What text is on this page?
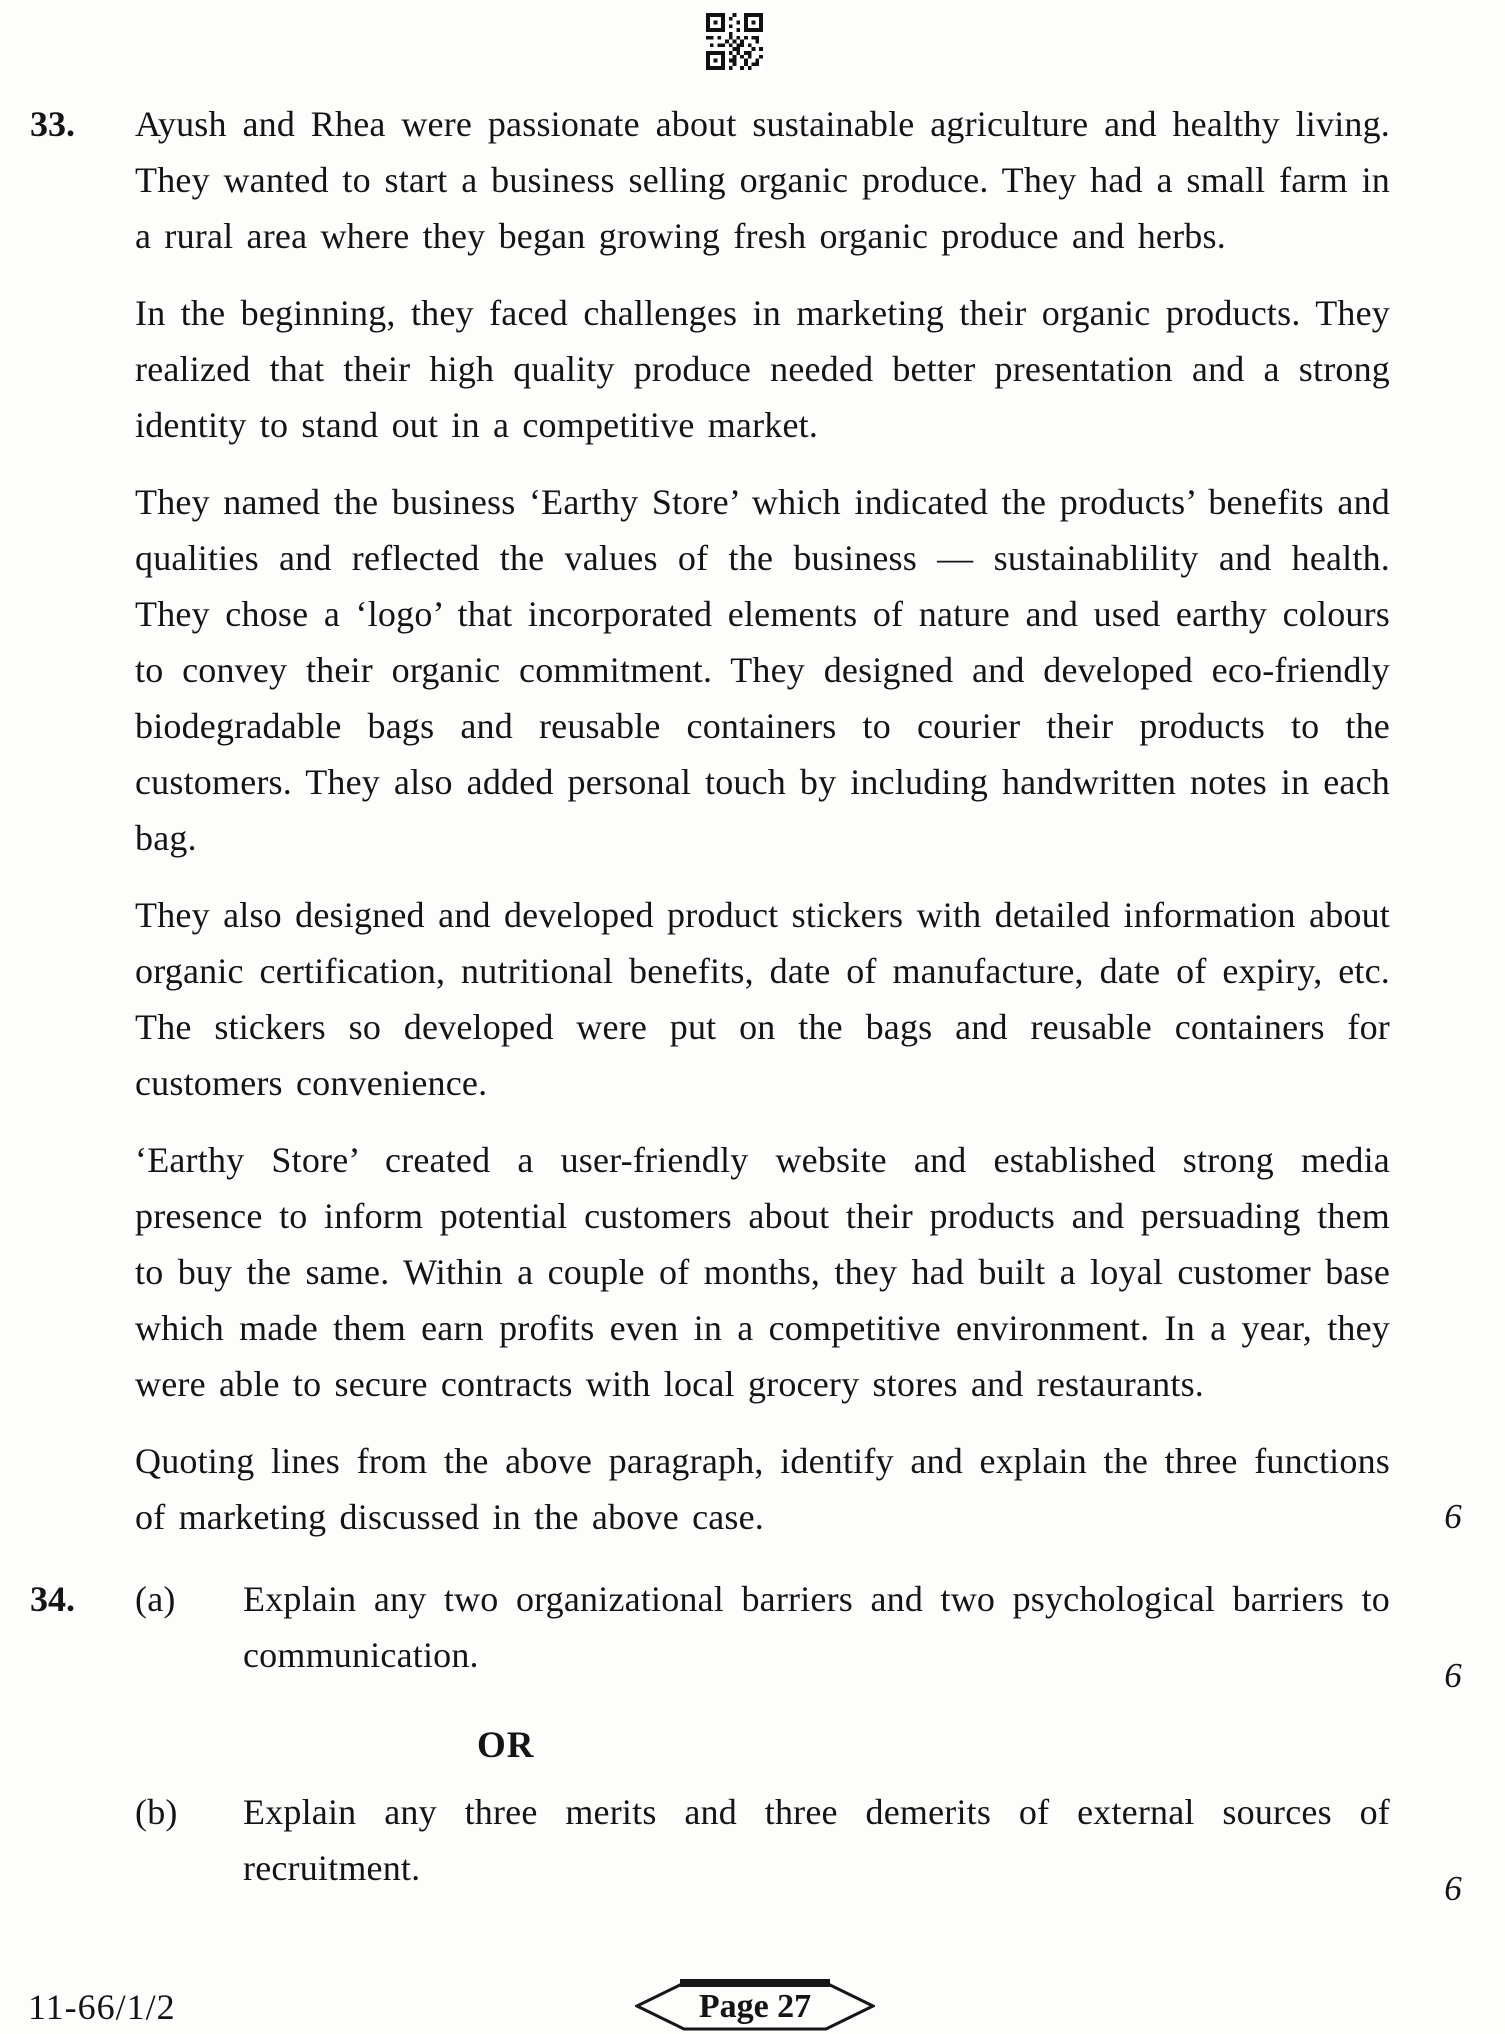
33.	Ayush and Rhea were passionate about sustainable agriculture and healthy living. They wanted to start a business selling organic produce. They had a small farm in a rural area where they began growing fresh organic produce and herbs.

In the beginning, they faced challenges in marketing their organic products. They realized that their high quality produce needed better presentation and a strong identity to stand out in a competitive market.

They named the business ‘Earthy Store’ which indicated the products’ benefits and qualities and reflected the values of the business — sustainablility and health. They chose a ‘logo’ that incorporated elements of nature and used earthy colours to convey their organic commitment. They designed and developed eco-friendly biodegradable bags and reusable containers to courier their products to the customers. They also added personal touch by including handwritten notes in each bag.

They also designed and developed product stickers with detailed information about organic certification, nutritional benefits, date of manufacture, date of expiry, etc. The stickers so developed were put on the bags and reusable containers for customers convenience.

‘Earthy Store’ created a user-friendly website and established strong media presence to inform potential customers about their products and persuading them to buy the same. Within a couple of months, they had built a loyal customer base which made them earn profits even in a competitive environment. In a year, they were able to secure contracts with local grocery stores and restaurants.

Quoting lines from the above paragraph, identify and explain the three functions of marketing discussed in the above case.	6
34.	(a)	Explain any two organizational barriers and two psychological barriers to communication.

6
OR
(b)	Explain any three merits and three demerits of external sources of recruitment.

6
11-66/1/2	Page 27
